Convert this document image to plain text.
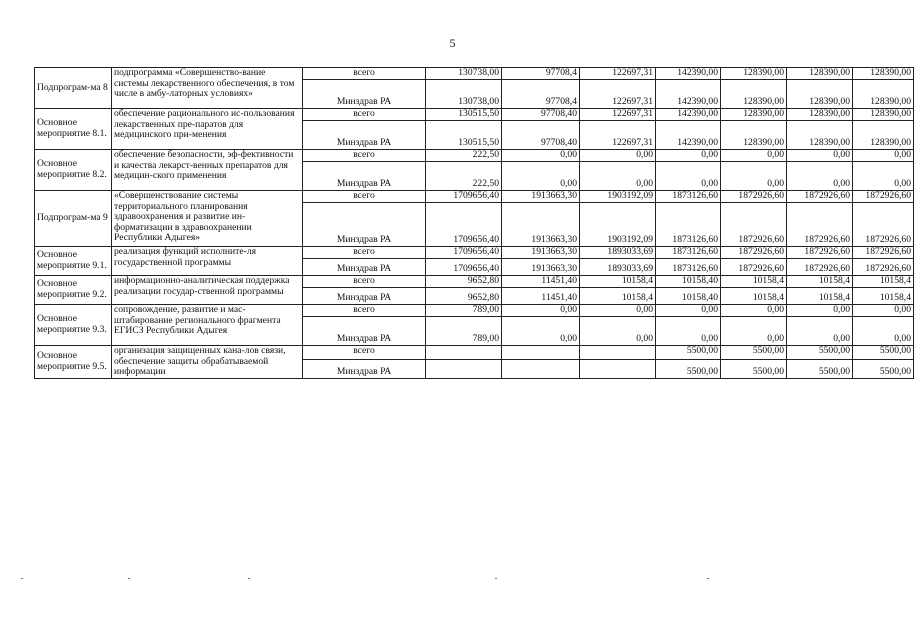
5
Подпрограм-ма 8	подпрограмма «Совершенство-вание системы лекарственного обеспечения, в том числе в амбу-латорных условиях»	всего	130738,00	97708,4	122697,31	142390,00	128390,00	128390,00	128390,00
		Минздрав РА	130738,00	97708,4	122697,31	142390,00	128390,00	128390,00	128390,00
Основное мероприятие 8.1.	обеспечение рационального ис-пользования лекарственных пре-паратов для медицинского при-менения	всего	130515,50	97708,40	122697,31	142390,00	128390,00	128390,00	128390,00
		Минздрав РА	130515,50	97708,40	122697,31	142390,00	128390,00	128390,00	128390,00
Основное мероприятие 8.2.	обеспечение безопасности, эф-фективности и качества лекарст-венных препаратов для медицин-ского применения	всего	222,50	0,00	0,00	0,00	0,00	0,00	0,00
		Минздрав РА	222,50	0,00	0,00	0,00	0,00	0,00	0,00
Подпрограм-ма 9	«Совершенствование системы территориального планирования здравоохранения и развитие ин-форматизации в здравоохранении Республики Адыгея»	всего	1709656,40	1913663,30	1903192,09	1873126,60	1872926,60	1872926,60	1872926,60
		Минздрав РА	1709656,40	1913663,30	1903192,09	1873126,60	1872926,60	1872926,60	1872926,60
Основное мероприятие 9.1.	реализация функций исполните-ля государственной программы	всего	1709656,40	1913663,30	1893033,69	1873126,60	1872926,60	1872926,60	1872926,60
		Минздрав РА	1709656,40	1913663,30	1893033,69	1873126,60	1872926,60	1872926,60	1872926,60
Основное мероприятие 9.2.	информационно-аналитическая поддержка реализации государ-ственной программы	всего	9652,80	11451,40	10158,4	10158,40	10158,4	10158,4	10158,4
		Минздрав РА	9652,80	11451,40	10158,4	10158,40	10158,4	10158,4	10158,4
Основное мероприятие 9.3.	сопровождение, развитие и мас-штабирование регионального фрагмента ЕГИСЗ Республики Адыгея	всего	789,00	0,00	0,00	0,00	0,00	0,00	0,00
		Минздрав РА	789,00	0,00	0,00	0,00	0,00	0,00	0,00
Основное мероприятие 9.5.	организация защищенных кана-лов связи, обеспечение защиты обрабатываемой информации	всего				5500,00	5500,00	5500,00	5500,00
		Минздрав РА				5500,00	5500,00	5500,00	5500,00
